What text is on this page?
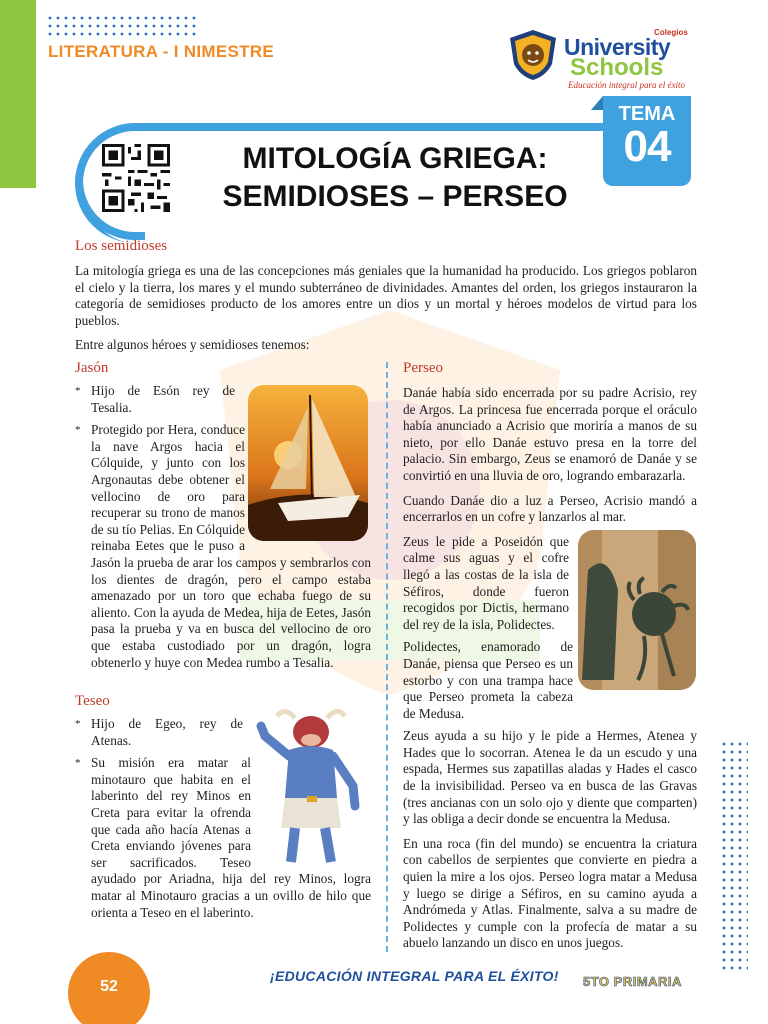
LITERATURA - I NIMESTRE
Colegios
University
Schools
Educación integral para el éxito
MITOLOGÍA GRIEGA:
SEMIDIOSES – PERSEO
TEMA
04
Los semidioses

La mitología griega es una de las concepciones más geniales que la humanidad ha producido. Los griegos poblaron el cielo y la tierra, los mares y el mundo subterráneo de divinidades. Amantes del orden, los griegos instauraron la categoría de semidioses producto de los amores entre un dios y un mortal y héroes modelos de virtud para los pueblos.

Entre algunos héroes y semidioses tenemos:

Jasón
* Hijo de Esón rey de Tesalia.
* Protegido por Hera, conduce la nave Argos hacia el Cólquide, y junto con los Argonautas debe obtener el vellocino de oro para recuperar su trono de manos de su tío Pelias. En Cólquide reinaba Eetes que le puso a Jasón la prueba de arar los campos y sembrarlos con los dientes de dragón, pero el campo estaba amenazado por un toro que echaba fuego de su aliento. Con la ayuda de Medea, hija de Eetes, Jasón pasa la prueba y va en busca del vellocino de oro que estaba custodiado por un dragón, logra obtenerlo y huye con Medea rumbo a Tesalia.
Teseo
* Hijo de Egeo, rey de Atenas.
* Su misión era matar al minotauro que habita en el laberinto del rey Minos en Creta para evitar la ofrenda que cada año hacía Atenas a Creta enviando jóvenes para ser sacrificados. Teseo ayudado por Ariadna, hija del rey Minos, logra matar al Minotauro gracias a un ovillo de hilo que orienta a Teseo en el laberinto.
Perseo

Danáe había sido encerrada por su padre Acrisio, rey de Argos. La princesa fue encerrada porque el oráculo había anunciado a Acrisio que moriría a manos de su nieto, por ello Danáe estuvo presa en la torre del palacio. Sin embargo, Zeus se enamoró de Danáe y se convirtió en una lluvia de oro, logrando embarazarla.

Cuando Danáe dio a luz a Perseo, Acrisio mandó a encerrarlos en un cofre y lanzarlos al mar.

Zeus le pide a Poseidón que calme sus aguas y el cofre llegó a las costas de la isla de Séfiros, donde fueron recogidos por Dictis, hermano del rey de la isla, Polidectes.

Polidectes, enamorado de Danáe, piensa que Perseo es un estorbo y con una trampa hace que Perseo prometa la cabeza de Medusa.

Zeus ayuda a su hijo y le pide a Hermes, Atenea y Hades que lo socorran. Atenea le da un escudo y una espada, Hermes sus zapatillas aladas y Hades el casco de la invisibilidad. Perseo va en busca de las Gravas (tres ancianas con un solo ojo y diente que comparten) y las obliga a decir donde se encuentra la Medusa.

En una roca (fin del mundo) se encuentra la criatura con cabellos de serpientes que convierte en piedra a quien la mire a los ojos. Perseo logra matar a Medusa y luego se dirige a Séfiros, en su camino ayuda a Andrómeda y Atlas. Finalmente, salva a su madre de Polidectes y cumple con la profecía de matar a su abuelo lanzando un disco en unos juegos.

52
¡EDUCACIÓN INTEGRAL PARA EL ÉXITO! 5TO PRIMARIA
